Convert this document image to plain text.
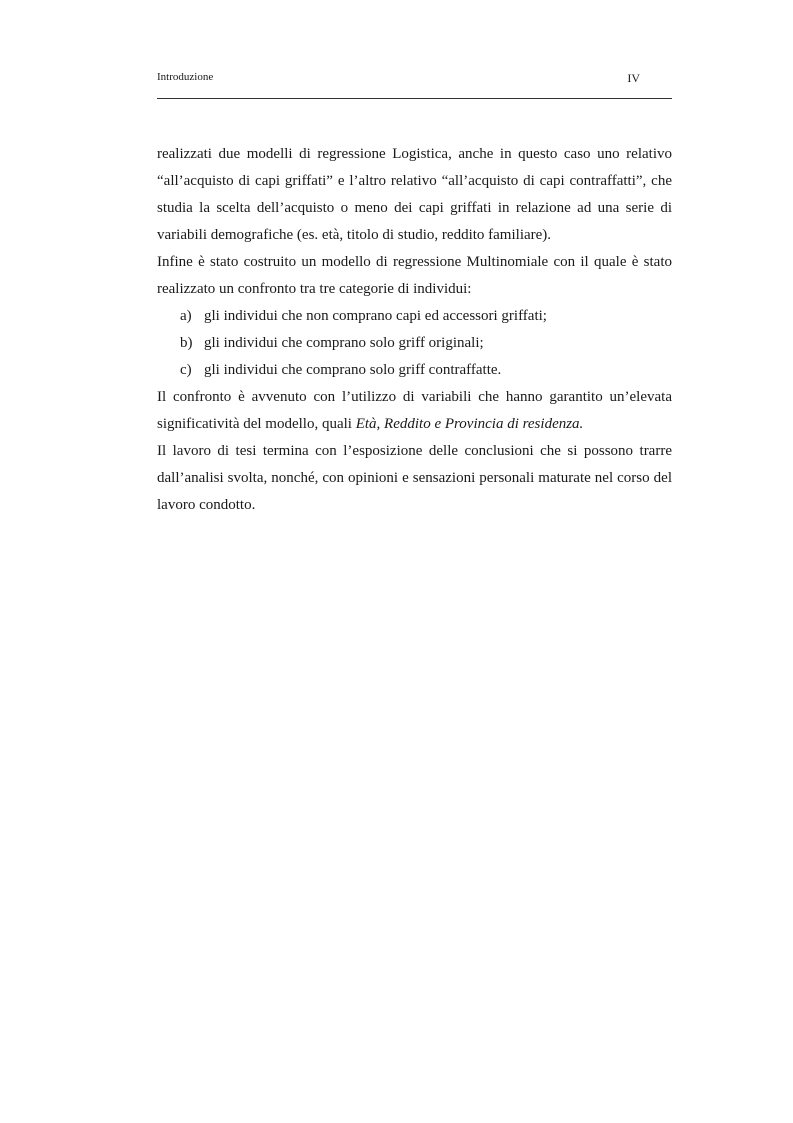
Introduzione	IV

realizzati due modelli di regressione Logistica, anche in questo caso uno relativo “all’acquisto di capi griffati” e l’altro relativo “all’acquisto di capi contraffatti”, che studia la scelta dell’acquisto o meno dei capi griffati in relazione ad una serie di variabili demografiche (es. età, titolo di studio, reddito familiare).

Infine è stato costruito un modello di regressione Multinomiale con il quale è stato realizzato un confronto tra tre categorie di individui:

a) gli individui che non comprano capi ed accessori griffati;
b) gli individui che comprano solo griff originali;
c) gli individui che comprano solo griff contraffatte.

Il confronto è avvenuto con l’utilizzo di variabili che hanno garantito un’elevata significatività del modello, quali Età, Reddito e Provincia di residenza.

Il lavoro di tesi termina con l’esposizione delle conclusioni che si possono trarre dall’analisi svolta, nonché, con opinioni e sensazioni personali maturate nel corso del lavoro condotto.
